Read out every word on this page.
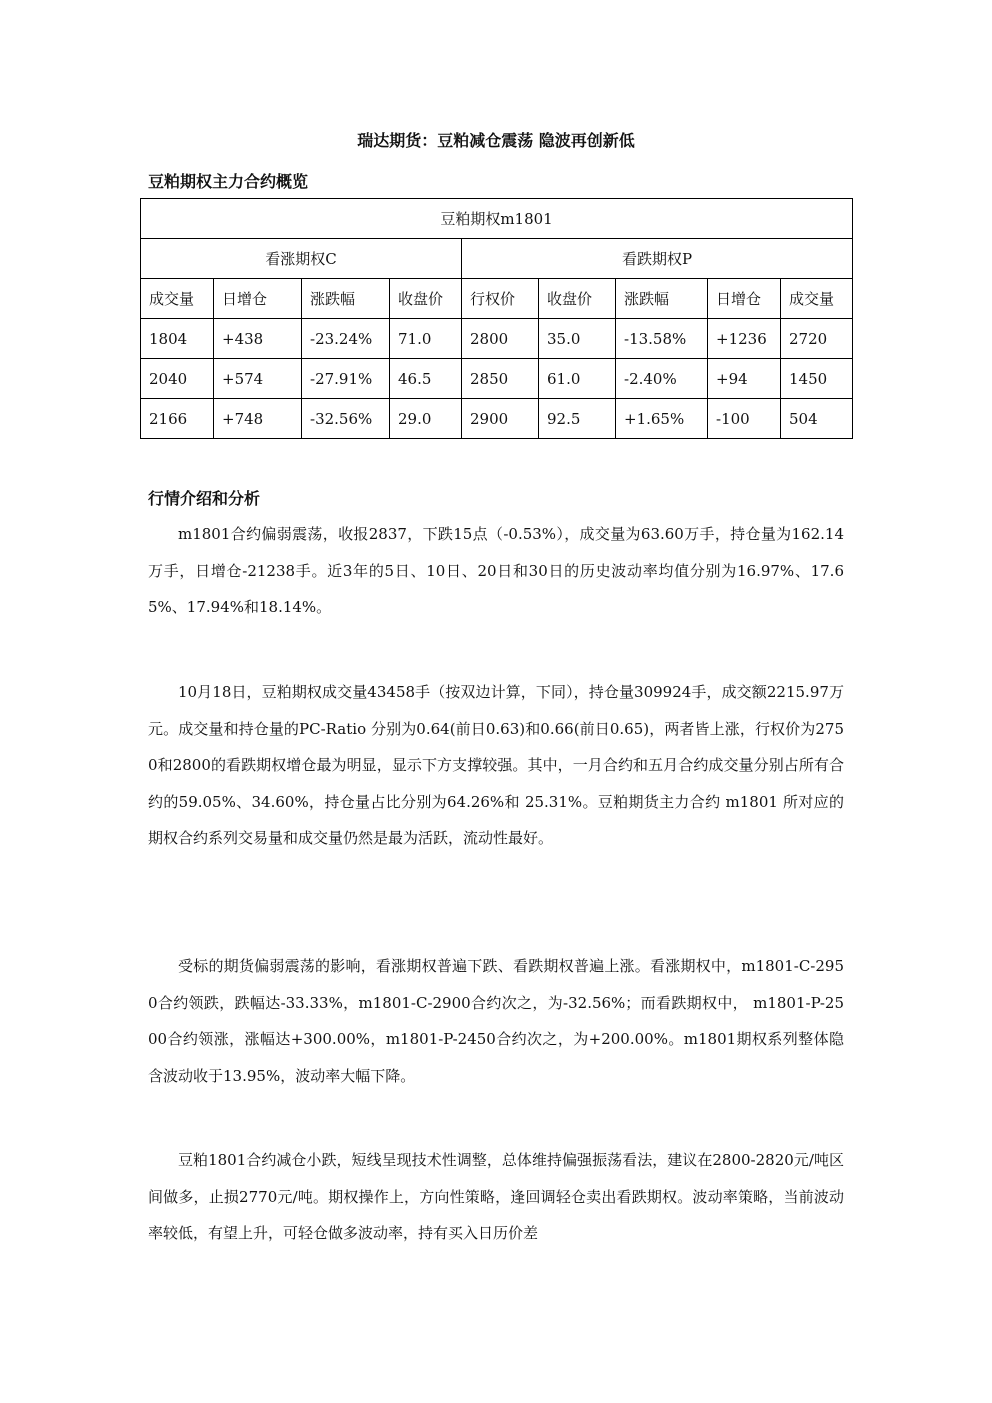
瑞达期货：豆粕减仓震荡 隐波再创新低
豆粕期权主力合约概览
豆粕期权m1801								
看涨期权C				看跌期权P				
成交量	日增仓	涨跌幅	收盘价	行权价	收盘价	涨跌幅	日增仓	成交量
1804	+438	-23.24%	71.0	2800	35.0	-13.58%	+1236	2720
2040	+574	-27.91%	46.5	2850	61.0	-2.40%	+94	1450
2166	+748	-32.56%	29.0	2900	92.5	+1.65%	-100	504
行情介绍和分析

m1801合约偏弱震荡，收报2837，下跌15点（-0.53%），成交量为63.60万手，持仓量为162.14万手，日增仓-21238手。近3年的5日、10日、20日和30日的历史波动率均值分别为16.97%、17.65%、17.94%和18.14%。

10月18日，豆粕期权成交量43458手（按双边计算，下同），持仓量309924手，成交额2215.97万元。成交量和持仓量的PC-Ratio 分别为0.64(前日0.63)和0.66(前日0.65)，两者皆上涨，行权价为2750和2800的看跌期权增仓最为明显，显示下方支撑较强。其中，一月合约和五月合约成交量分别占所有合约的59.05%、34.60%，持仓量占比分别为64.26%和 25.31%。豆粕期货主力合约 m1801 所对应的期权合约系列交易量和成交量仍然是最为活跃，流动性最好。

受标的期货偏弱震荡的影响，看涨期权普遍下跌、看跌期权普遍上涨。看涨期权中，m1801-C-2950合约领跌，跌幅达-33.33%，m1801-C-2900合约次之，为-32.56%；而看跌期权中， m1801-P-2500合约领涨，涨幅达+300.00%，m1801-P-2450合约次之，为+200.00%。m1801期权系列整体隐含波动收于13.95%，波动率大幅下降。

豆粕1801合约减仓小跌，短线呈现技术性调整，总体维持偏强振荡看法，建议在2800-2820元/吨区间做多，止损2770元/吨。期权操作上，方向性策略，逢回调轻仓卖出看跌期权。波动率策略，当前波动率较低，有望上升，可轻仓做多波动率，持有买入日历价差
